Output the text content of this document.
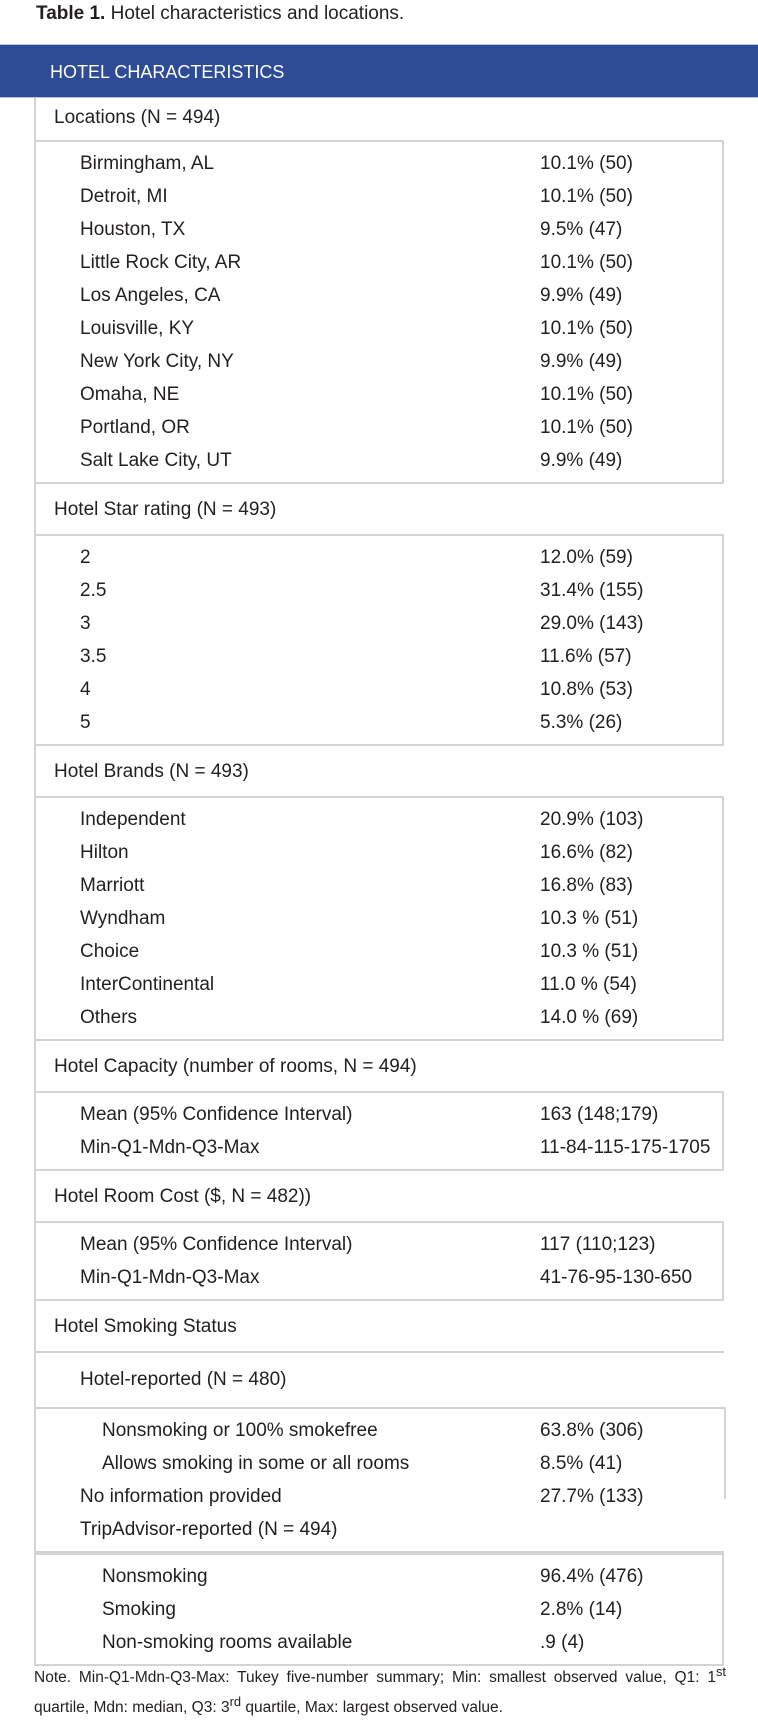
Table 1. Hotel characteristics and locations.
HOTEL CHARACTERISTICS
Locations (N = 494)
Birmingham, AL	10.1% (50)
Detroit, MI	10.1% (50)
Houston, TX	9.5% (47)
Little Rock City, AR	10.1% (50)
Los Angeles, CA	9.9% (49)
Louisville, KY	10.1% (50)
New York City, NY	9.9% (49)
Omaha, NE	10.1% (50)
Portland, OR	10.1% (50)
Salt Lake City, UT	9.9% (49)
Hotel Star rating (N = 493)
2	12.0% (59)
2.5	31.4% (155)
3	29.0% (143)
3.5	11.6% (57)
4	10.8% (53)
5	5.3% (26)
Hotel Brands (N = 493)
Independent	20.9% (103)
Hilton	16.6% (82)
Marriott	16.8% (83)
Wyndham	10.3 % (51)
Choice	10.3 % (51)
InterContinental	11.0 % (54)
Others	14.0 % (69)
Hotel Capacity (number of rooms, N = 494)
Mean (95% Confidence Interval)	163 (148;179)
Min-Q1-Mdn-Q3-Max	11-84-115-175-1705
Hotel Room Cost ($, N = 482))
Mean (95% Confidence Interval)	117 (110;123)
Min-Q1-Mdn-Q3-Max	41-76-95-130-650
Hotel Smoking Status
Hotel-reported (N = 480)
Nonsmoking or 100% smokefree	63.8% (306)
Allows smoking in some or all rooms	8.5% (41)
No information provided	27.7% (133)
TripAdvisor-reported (N = 494)
Nonsmoking	96.4% (476)
Smoking	2.8% (14)
Non-smoking rooms available	.9 (4)
Note. Min-Q1-Mdn-Q3-Max: Tukey five-number summary; Min: smallest observed value, Q1: 1st quartile, Mdn: median, Q3: 3rd quartile, Max: largest observed value.
